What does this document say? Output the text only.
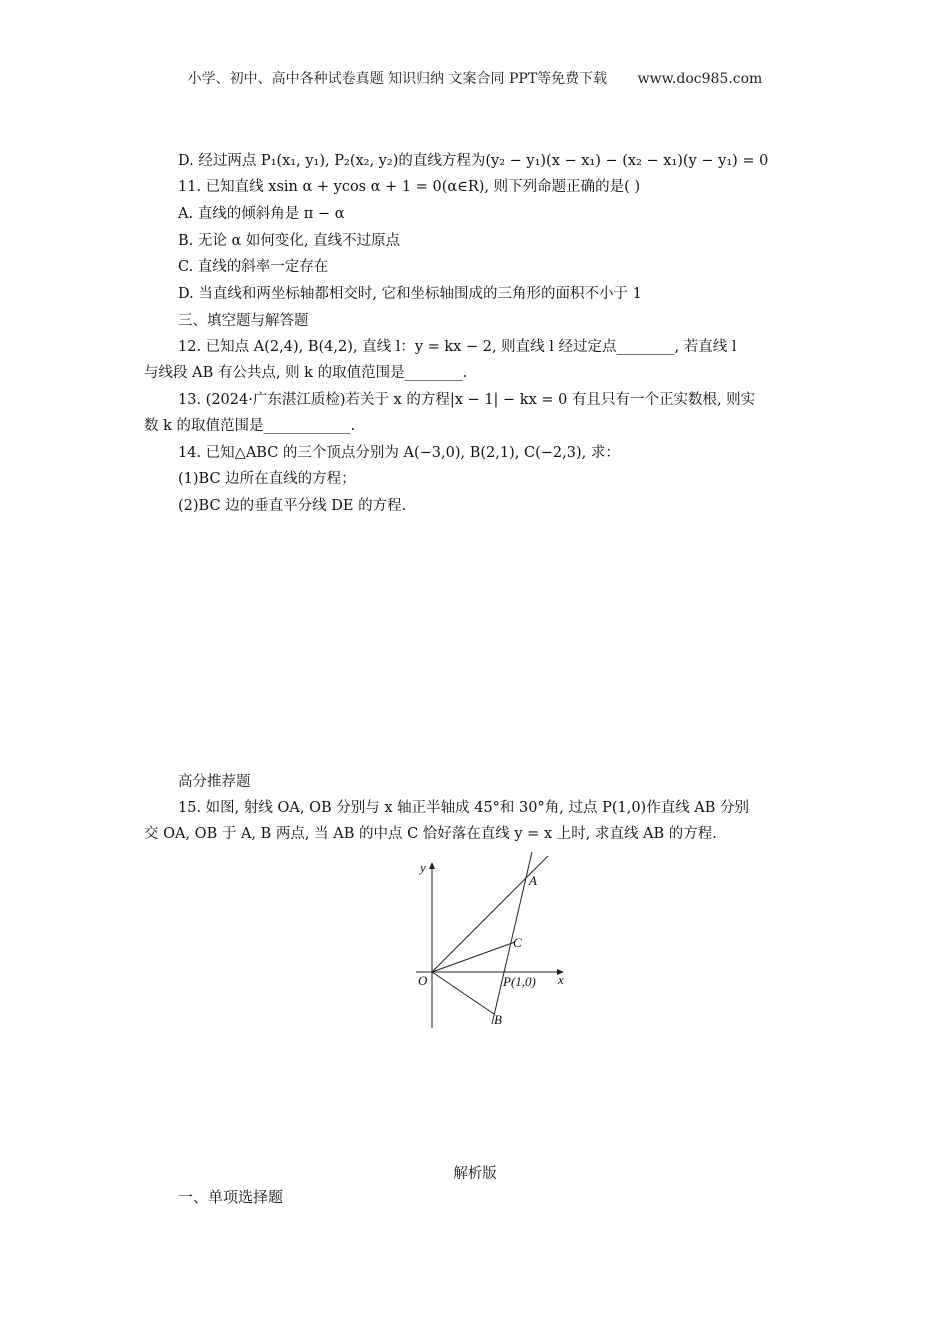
小学、初中、高中各种试卷真题 知识归纳 文案合同 PPT等免费下载 www.doc985.com
D. 经过两点 P₁(x₁, y₁), P₂(x₂, y₂)的直线方程为(y₂ − y₁)(x − x₁) − (x₂ − x₁)(y − y₁) = 0
11. 已知直线 xsin α + ycos α + 1 = 0(α∈R), 则下列命题正确的是( )
A. 直线的倾斜角是 π − α
B. 无论 α 如何变化, 直线不过原点
C. 直线的斜率一定存在
D. 当直线和两坐标轴都相交时, 它和坐标轴围成的三角形的面积不小于 1
三、填空题与解答题
12. 已知点 A(2,4), B(4,2), 直线 l：y = kx − 2, 则直线 l 经过定点________, 若直线 l
与线段 AB 有公共点, 则 k 的取值范围是________.
13. (2024·广东湛江质检)若关于 x 的方程|x − 1| − kx = 0 有且只有一个正实数根, 则实
数 k 的取值范围是____________.
14. 已知△ABC 的三个顶点分别为 A(−3,0), B(2,1), C(−2,3), 求：
(1)BC 边所在直线的方程；
(2)BC 边的垂直平分线 DE 的方程.
高分推荐题
15. 如图, 射线 OA, OB 分别与 x 轴正半轴成 45°和 30°角, 过点 P(1,0)作直线 AB 分别
交 OA, OB 于 A, B 两点, 当 AB 的中点 C 恰好落在直线 y = x 上时, 求直线 AB 的方程.
y
x
O
A
C
P(1,0)
B
解析版
一、单项选择题
